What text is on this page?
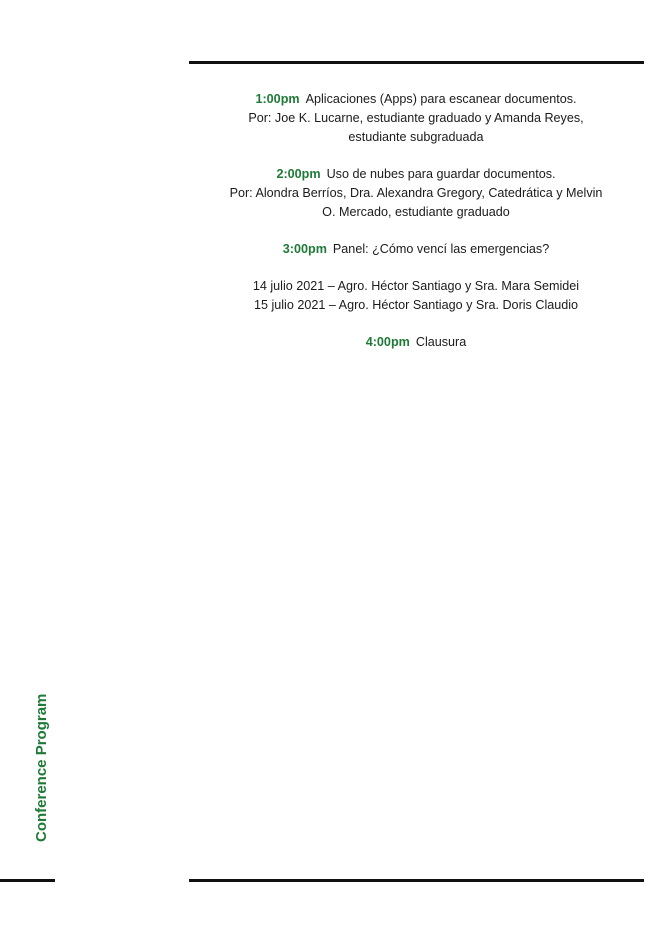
1:00pm Aplicaciones (Apps) para escanear documentos.

Por: Joe K. Lucarne, estudiante graduado y Amanda Reyes,

estudiante subgraduada

2:00pm Uso de nubes para guardar documentos.

Por: Alondra Berríos, Dra. Alexandra Gregory, Catedrática y Melvin

O. Mercado, estudiante graduado

3:00pm Panel: ¿Cómo vencí las emergencias?

14 julio 2021 – Agro. Héctor Santiago y Sra. Mara Semidei

15 julio 2021 – Agro. Héctor Santiago y Sra. Doris Claudio

4:00pm Clausura

Conference Program
